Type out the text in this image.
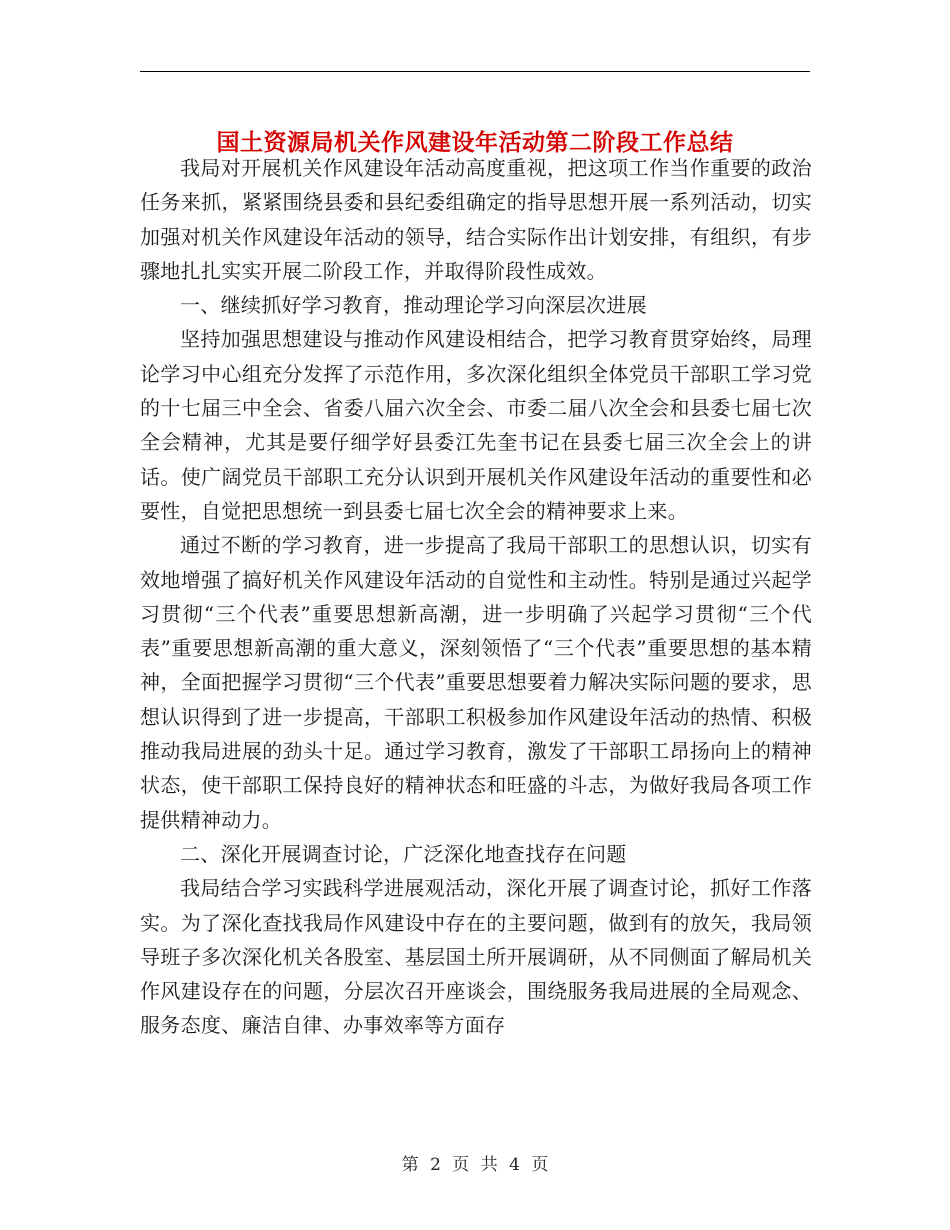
国土资源局机关作风建设年活动第二阶段工作总结

我局对开展机关作风建设年活动高度重视，把这项工作当作重要的政治任务来抓，紧紧围绕县委和县纪委组确定的指导思想开展一系列活动，切实加强对机关作风建设年活动的领导，结合实际作出计划安排，有组织，有步骤地扎扎实实开展二阶段工作，并取得阶段性成效。

一、继续抓好学习教育，推动理论学习向深层次进展

坚持加强思想建设与推动作风建设相结合，把学习教育贯穿始终，局理论学习中心组充分发挥了示范作用，多次深化组织全体党员干部职工学习党的十七届三中全会、省委八届六次全会、市委二届八次全会和县委七届七次全会精神，尤其是要仔细学好县委江先奎书记在县委七届三次全会上的讲话。使广阔党员干部职工充分认识到开展机关作风建设年活动的重要性和必要性，自觉把思想统一到县委七届七次全会的精神要求上来。

通过不断的学习教育，进一步提高了我局干部职工的思想认识，切实有效地增强了搞好机关作风建设年活动的自觉性和主动性。特别是通过兴起学习贯彻“三个代表”重要思想新高潮，进一步明确了兴起学习贯彻“三个代表”重要思想新高潮的重大意义，深刻领悟了“三个代表”重要思想的基本精神，全面把握学习贯彻“三个代表”重要思想要着力解决实际问题的要求，思想认识得到了进一步提高，干部职工积极参加作风建设年活动的热情、积极推动我局进展的劲头十足。通过学习教育，激发了干部职工昂扬向上的精神状态，使干部职工保持良好的精神状态和旺盛的斗志，为做好我局各项工作提供精神动力。

二、深化开展调查讨论，广泛深化地查找存在问题

我局结合学习实践科学进展观活动，深化开展了调查讨论，抓好工作落实。为了深化查找我局作风建设中存在的主要问题，做到有的放矢，我局领导班子多次深化机关各股室、基层国土所开展调研，从不同侧面了解局机关作风建设存在的问题，分层次召开座谈会，围绕服务我局进展的全局观念、服务态度、廉洁自律、办事效率等方面存

第 2 页 共 4 页
